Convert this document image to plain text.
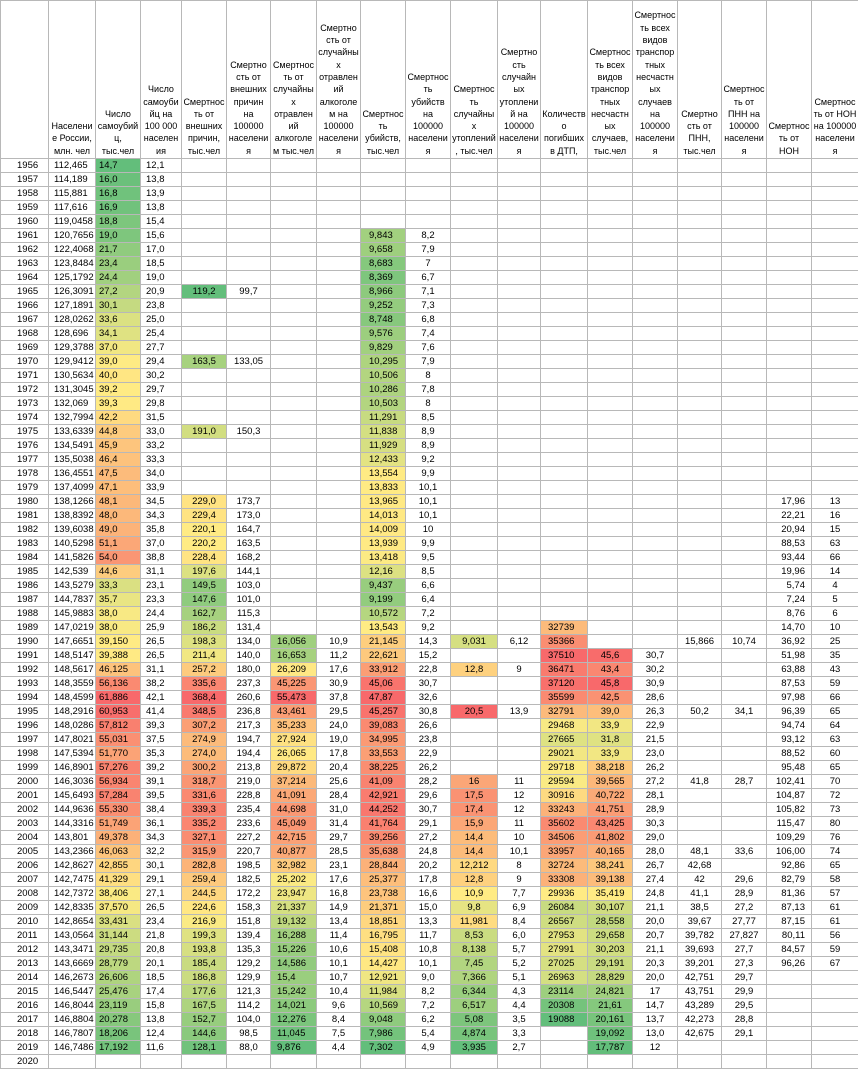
Население России, млн. чел	Число самоубийц, тыс.чел	Число самоубийц на 100 000 населения	Смертность от внешних причин, тыс.чел	Смертность от внешних причин на 100000 населения	Смертность от случайных отравлений алкоголем тыс.чел	Смертность от случайных отравлений алкоголем на 100000 населения	Смертность убийств, тыс.чел	Смертность убийств на 100000 населения	Смертность случайных утоплений, тыс.чел	Смертность случайных утоплений на 100000 населения	Количество погибших в ДТП,	Смертность всех видов транспортных несчастных случаев, тыс.чел	Смертность всех видов транспортных несчастных случаев на 100000 населения	Смертность от ПНН, тыс.чел	Смертность от ПНН на 100000 населения	Смертность от НОН	Смертность от НОН на 100000 населения

1956	112,465	14,7	12,1															
1957	114,189	16,0	13,8															
1958	115,881	16,8	13,9															
1959	117,616	16,9	13,8															
1960	119,0458	18,8	15,4															
1961	120,7656	19,0	15,6					9,843	8,2									
1962	122,4068	21,7	17,0					9,658	7,9									
1963	123,8484	23,4	18,5					8,683	7									
1964	125,1792	24,4	19,0					8,369	6,7									
1965	126,3091	27,2	20,9	119,2	99,7			8,966	7,1									
1966	127,1891	30,1	23,8					9,252	7,3									
1967	128,0262	33,6	25,0					8,748	6,8									
1968	128,696	34,1	25,4					9,576	7,4									
1969	129,3788	37,0	27,7					9,829	7,6									
1970	129,9412	39,0	29,4	163,5	133,05			10,295	7,9									
1971	130,5634	40,0	30,2					10,506	8									
1972	131,3045	39,2	29,7					10,286	7,8									
1973	132,069	39,3	29,8					10,503	8									
1974	132,7994	42,2	31,5					11,291	8,5									
1975	133,6339	44,8	33,0	191,0	150,3			11,838	8,9									
1976	134,5491	45,9	33,2					11,929	8,9									
1977	135,5038	46,4	33,3					12,433	9,2									
1978	136,4551	47,5	34,0					13,554	9,9									
1979	137,4099	47,1	33,9					13,833	10,1									
1980	138,1266	48,1	34,5	229,0	173,7			13,965	10,1								17,96	13
1981	138,8392	48,0	34,3	229,4	173,0			14,013	10,1								22,21	16
1982	139,6038	49,0	35,8	220,1	164,7			14,009	10								20,94	15
1983	140,5298	51,1	37,0	220,2	163,5			13,939	9,9								88,53	63
1984	141,5826	54,0	38,8	228,4	168,2			13,418	9,5								93,44	66
1985	142,539	44,6	31,1	197,6	144,1			12,16	8,5								19,96	14
1986	143,5279	33,3	23,1	149,5	103,0			9,437	6,6								5,74	4
1987	144,7837	35,7	23,3	147,6	101,0			9,199	6,4								7,24	5
1988	145,9883	38,0	24,4	162,7	115,3			10,572	7,2								8,76	6
1989	147,0219	38,0	25,9	186,2	131,4			13,543	9,2			32739					14,70	10
1990	147,6651	39,150	26,5	198,3	134,0	16,056	10,9	21,145	14,3	9,031	6,12	35366			15,866	10,74	36,92	25
1991	148,5147	39,388	26,5	211,4	140,0	16,653	11,2	22,621	15,2			37510	45,6	30,7			51,98	35
1992	148,5617	46,125	31,1	257,2	180,0	26,209	17,6	33,912	22,8	12,8	9	36471	43,4	30,2			63,88	43
1993	148,3559	56,136	38,2	335,6	237,3	45,225	30,9	45,06	30,7			37120	45,8	30,9			87,53	59
1994	148,4599	61,886	42,1	368,4	260,6	55,473	37,8	47,87	32,6			35599	42,5	28,6			97,98	66
1995	148,2916	60,953	41,4	348,5	236,8	43,461	29,5	45,257	30,8	20,5	13,9	32791	39,0	26,3	50,2	34,1	96,39	65
1996	148,0286	57,812	39,3	307,2	217,3	35,233	24,0	39,083	26,6			29468	33,9	22,9			94,74	64
1997	147,8021	55,031	37,5	274,9	194,7	27,924	19,0	34,995	23,8			27665	31,8	21,5			93,12	63
1998	147,5394	51,770	35,3	274,0	194,4	26,065	17,8	33,553	22,9			29021	33,9	23,0			88,52	60
1999	146,8901	57,276	39,2	300,2	213,8	29,872	20,4	38,225	26,2			29718	38,218	26,2			95,48	65
2000	146,3036	56,934	39,1	318,7	219,0	37,214	25,6	41,09	28,2	16	11	29594	39,565	27,2	41,8	28,7	102,41	70
2001	145,6493	57,284	39,5	331,6	228,8	41,091	28,4	42,921	29,6	17,5	12	30916	40,722	28,1			104,87	72
2002	144,9636	55,330	38,4	339,3	235,4	44,698	31,0	44,252	30,7	17,4	12	33243	41,751	28,9			105,82	73
2003	144,3316	51,749	36,1	335,2	233,6	45,049	31,4	41,764	29,1	15,9	11	35602	43,425	30,3			115,47	80
2004	143,801	49,378	34,3	327,1	227,2	42,715	29,7	39,256	27,2	14,4	10	34506	41,802	29,0			109,29	76
2005	143,2366	46,063	32,2	315,9	220,7	40,877	28,5	35,638	24,8	14,4	10,1	33957	40,165	28,0	48,1	33,6	106,00	74
2006	142,8627	42,855	30,1	282,8	198,5	32,982	23,1	28,844	20,2	12,212	8	32724	38,241	26,7	42,68		92,86	65
2007	142,7475	41,329	29,1	259,4	182,5	25,202	17,6	25,377	17,8	12,8	9	33308	39,138	27,4	42	29,6	82,79	58
2008	142,7372	38,406	27,1	244,5	172,2	23,947	16,8	23,738	16,6	10,9	7,7	29936	35,419	24,8	41,1	28,9	81,36	57
2009	142,8335	37,570	26,5	224,6	158,3	21,337	14,9	21,371	15,0	9,8	6,9	26084	30,107	21,1	38,5	27,2	87,13	61
2010	142,8654	33,431	23,4	216,9	151,8	19,132	13,4	18,851	13,3	11,981	8,4	26567	28,558	20,0	39,67	27,77	87,15	61
2011	143,0564	31,144	21,8	199,3	139,4	16,288	11,4	16,795	11,7	8,53	6,0	27953	29,658	20,7	39,782	27,827	80,11	56
2012	143,3471	29,735	20,8	193,8	135,3	15,226	10,6	15,408	10,8	8,138	5,7	27991	30,203	21,1	39,693	27,7	84,57	59
2013	143,6669	28,779	20,1	185,4	129,2	14,586	10,1	14,427	10,1	7,45	5,2	27025	29,191	20,3	39,201	27,3	96,26	67
2014	146,2673	26,606	18,5	186,8	129,9	15,4	10,7	12,921	9,0	7,366	5,1	26963	28,829	20,0	42,751	29,7		
2015	146,5447	25,476	17,4	177,6	121,3	15,242	10,4	11,984	8,2	6,344	4,3	23114	24,821	17	43,751	29,9		
2016	146,8044	23,119	15,8	167,5	114,2	14,021	9,6	10,569	7,2	6,517	4,4	20308	21,61	14,7	43,289	29,5		
2017	146,8804	20,278	13,8	152,7	104,0	12,276	8,4	9,048	6,2	5,08	3,5	19088	20,161	13,7	42,273	28,8		
2018	146,7807	18,206	12,4	144,6	98,5	11,045	7,5	7,986	5,4	4,874	3,3		19,092	13,0	42,675	29,1		
2019	146,7486	17,192	11,6	128,1	88,0	9,876	4,4	7,302	4,9	3,935	2,7		17,787	12				
2020																		
